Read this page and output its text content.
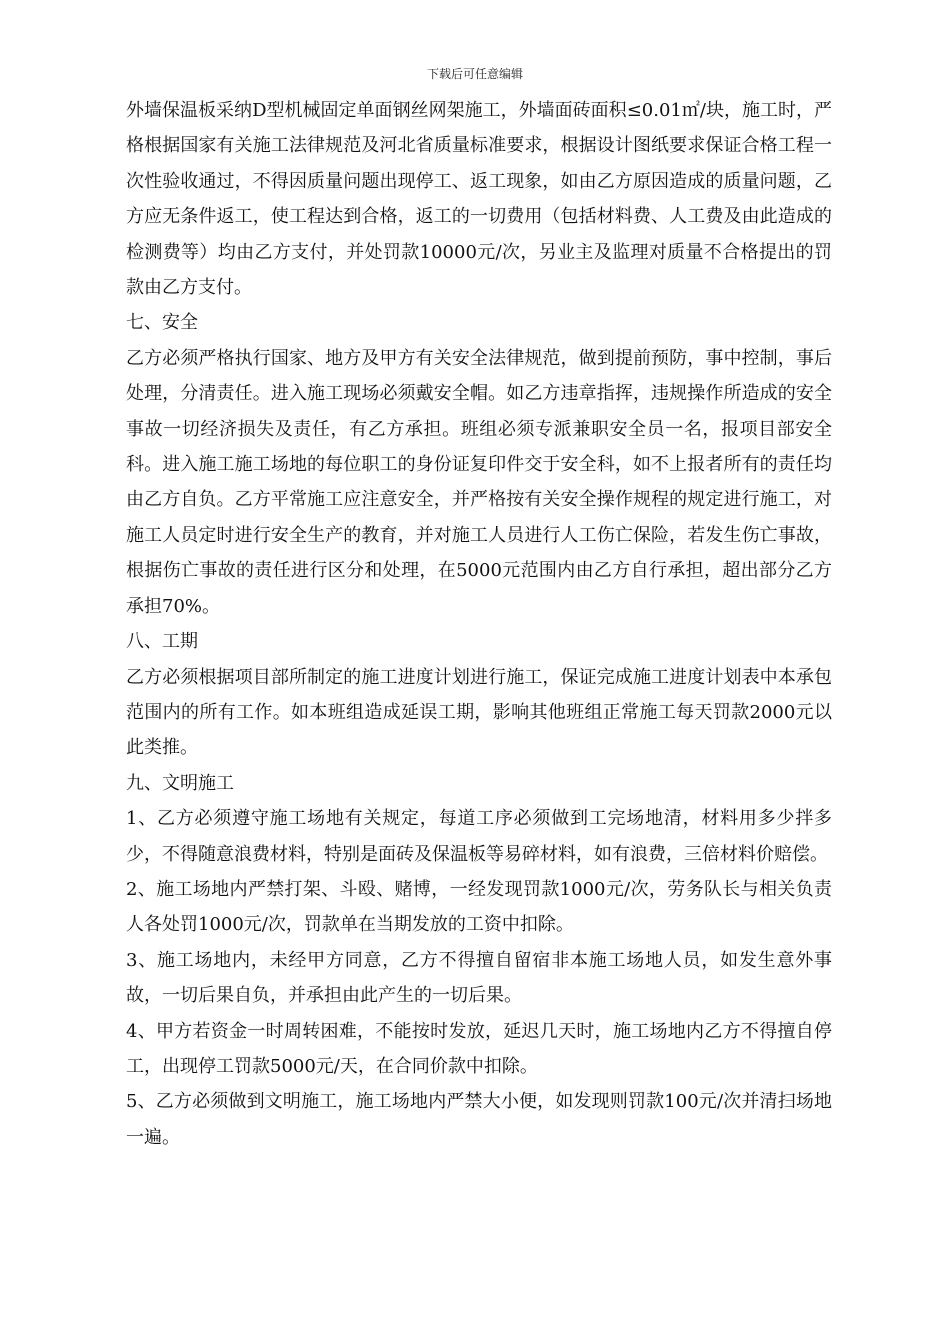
下载后可任意编辑

外墙保温板采纳D型机械固定单面钢丝网架施工，外墙面砖面积≤0.01㎡/块，施工时，严格根据国家有关施工法律规范及河北省质量标准要求，根据设计图纸要求保证合格工程一次性验收通过，不得因质量问题出现停工、返工现象，如由乙方原因造成的质量问题，乙方应无条件返工，使工程达到合格，返工的一切费用（包括材料费、人工费及由此造成的检测费等）均由乙方支付，并处罚款10000元/次，另业主及监理对质量不合格提出的罚款由乙方支付。

七、安全

乙方必须严格执行国家、地方及甲方有关安全法律规范，做到提前预防，事中控制，事后处理，分清责任。进入施工现场必须戴安全帽。如乙方违章指挥，违规操作所造成的安全事故一切经济损失及责任，有乙方承担。班组必须专派兼职安全员一名，报项目部安全科。进入施工施工场地的每位职工的身份证复印件交于安全科，如不上报者所有的责任均由乙方自负。乙方平常施工应注意安全，并严格按有关安全操作规程的规定进行施工，对施工人员定时进行安全生产的教育，并对施工人员进行人工伤亡保险，若发生伤亡事故，根据伤亡事故的责任进行区分和处理，在5000元范围内由乙方自行承担，超出部分乙方承担70%。

八、工期

乙方必须根据项目部所制定的施工进度计划进行施工，保证完成施工进度计划表中本承包范围内的所有工作。如本班组造成延误工期，影响其他班组正常施工每天罚款2000元以此类推。

九、文明施工

1、乙方必须遵守施工场地有关规定，每道工序必须做到工完场地清，材料用多少拌多少，不得随意浪费材料，特别是面砖及保温板等易碎材料，如有浪费，三倍材料价赔偿。

2、施工场地内严禁打架、斗殴、赌博，一经发现罚款1000元/次，劳务队长与相关负责人各处罚1000元/次，罚款单在当期发放的工资中扣除。

3、施工场地内，未经甲方同意，乙方不得擅自留宿非本施工场地人员，如发生意外事故，一切后果自负，并承担由此产生的一切后果。

4、甲方若资金一时周转困难，不能按时发放，延迟几天时，施工场地内乙方不得擅自停工，出现停工罚款5000元/天，在合同价款中扣除。

5、乙方必须做到文明施工，施工场地内严禁大小便，如发现则罚款100元/次并清扫场地一遍。
